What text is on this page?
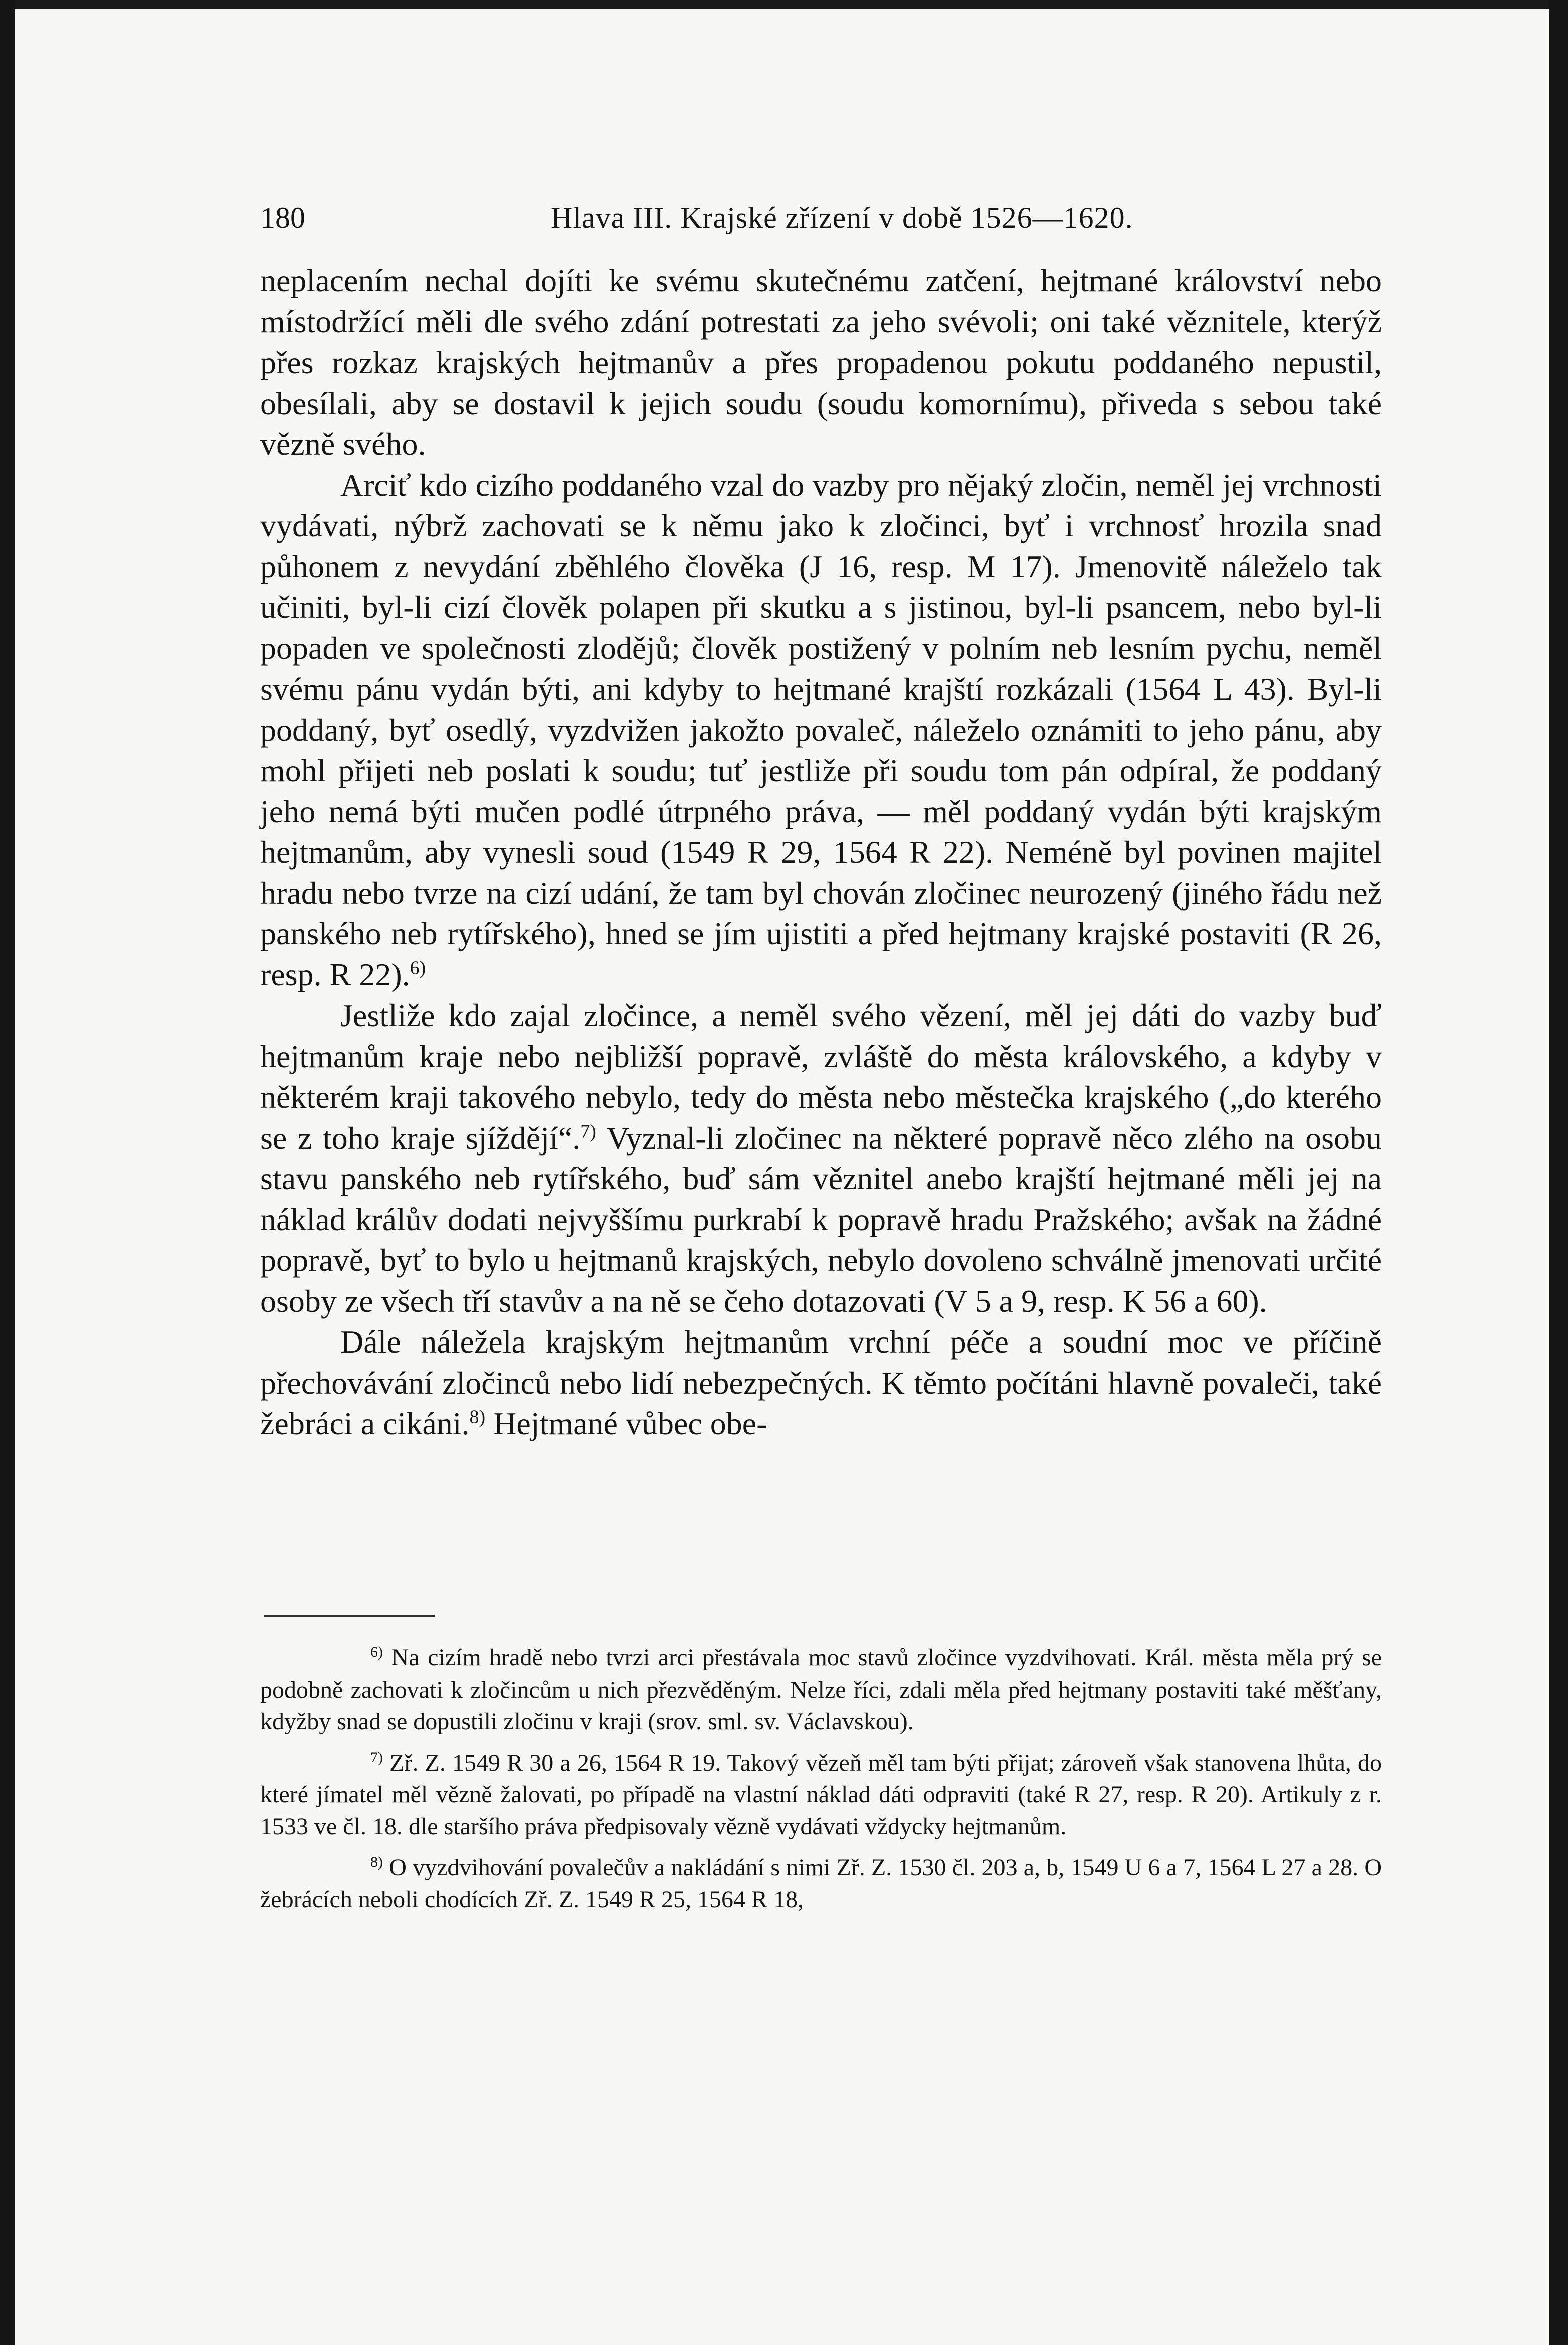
180	Hlava III. Krajské zřízení v době 1526—1620.

neplacením nechal dojíti ke svému skutečnému zatčení, hejtmané království nebo místodržící měli dle svého zdání potrestati za jeho svévoli; oni také věznitele, kterýž přes rozkaz krajských hejtmanův a přes propadenou pokutu poddaného nepustil, obesílali, aby se dostavil k jejich soudu (soudu komornímu), přiveda s sebou také vězně svého.

Arciť kdo cizího poddaného vzal do vazby pro nějaký zločin, neměl jej vrchnosti vydávati, nýbrž zachovati se k němu jako k zločinci, byť i vrchnosť hrozila snad půhonem z nevydání zběhlého člověka (J 16, resp. M 17). Jmenovitě náleželo tak učiniti, byl-li cizí člověk polapen při skutku a s jistinou, byl-li psancem, nebo byl-li popaden ve společnosti zlodějů; člověk postižený v polním neb lesním pychu, neměl svému pánu vydán býti, ani kdyby to hejtmané krajští rozkázali (1564 L 43). Byl-li poddaný, byť osedlý, vyzdvižen jakožto povaleč, náleželo oznámiti to jeho pánu, aby mohl přijeti neb poslati k soudu; tuť jestliže při soudu tom pán odpíral, že poddaný jeho nemá býti mučen podlé útrpného práva, — měl poddaný vydán býti krajským hejtmanům, aby vynesli soud (1549 R 29, 1564 R 22). Neméně byl povinen majitel hradu nebo tvrze na cizí udání, že tam byl chován zločinec neurozený (jiného řádu než panského neb rytířského), hned se jím ujistiti a před hejtmany krajské postaviti (R 26, resp. R 22).$^{6)}$

Jestliže kdo zajal zločince, a neměl svého vězení, měl jej dáti do vazby buď hejtmanům kraje nebo nejbližší popravě, zvláště do města královského, a kdyby v některém kraji takového nebylo, tedy do města nebo městečka krajského („do kterého se z toho kraje sjíždějí“.$^{7)}$ Vyznal-li zločinec na některé popravě něco zlého na osobu stavu panského neb rytířského, buď sám věznitel anebo krajští hejtmané měli jej na náklad králův dodati nejvyššímu purkrabí k popravě hradu Pražského; avšak na žádné popravě, byť to bylo u hejtmanů krajských, nebylo dovoleno schválně jmenovati určité osoby ze všech tří stavův a na ně se čeho dotazovati (V 5 a 9, resp. K 56 a 60).

Dále náležela krajským hejtmanům vrchní péče a soudní moc ve příčině přechovávání zločinců nebo lidí nebezpečných. K těmto počítáni hlavně povaleči, také žebráci a cikáni.$^{8)}$ Hejtmané vůbec obe-

$^{6)}$ Na cizím hradě nebo tvrzi arci přestávala moc stavů zločince vyzdvihovati. Král. města měla prý se podobně zachovati k zločincům u nich přezvěděným. Nelze říci, zdali měla před hejtmany postaviti také měšťany, kdyžby snad se dopustili zločinu v kraji (srov. sml. sv. Václavskou).

$^{7)}$ Zř. Z. 1549 R 30 a 26, 1564 R 19. Takový vězeň měl tam býti přijat; zároveň však stanovena lhůta, do které jímatel měl vězně žalovati, po případě na vlastní náklad dáti odpraviti (také R 27, resp. R 20). Artikuly z r. 1533 ve čl. 18. dle staršího práva předpisovaly vězně vydávati vždycky hejtmanům.

$^{8)}$ O vyzdvihování povalečův a nakládání s nimi Zř. Z. 1530 čl. 203 a, b, 1549 U 6 a 7, 1564 L 27 a 28. O žebrácích neboli chodících Zř. Z. 1549 R 25, 1564 R 18,
